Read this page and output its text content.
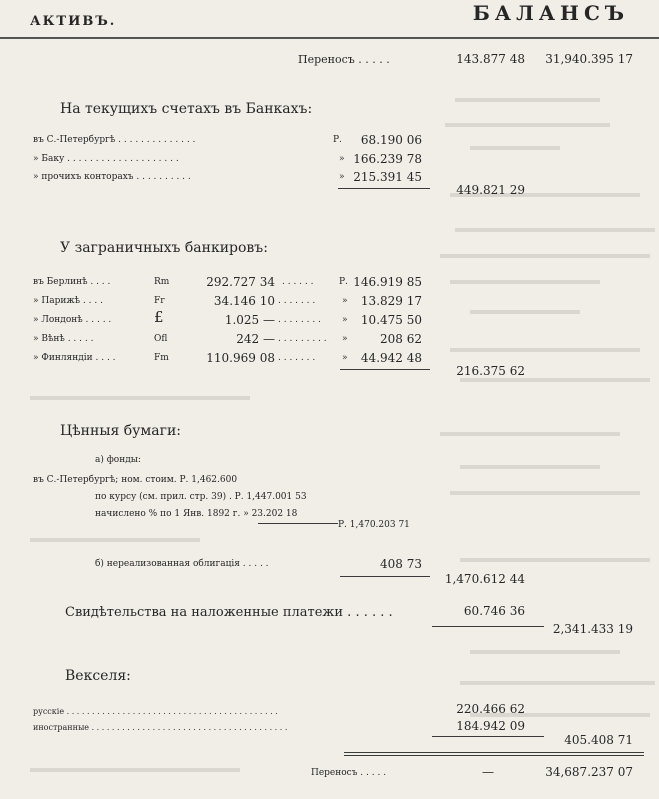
АКТИВЪ.	БАЛАНСЪ
Переносъ . . . . .	143.877 48 31,940.395 17
На текущихъ счетахъ въ Банкахъ:
въ С.-Петербургѣ . . . . . . . . . . . . . .	Р. 68.190 06
» Баку . . . . . . . . . . . . . . . . . . . .	» 166.239 78
» прочихъ конторахъ . . . . . . . . . .	» 215.391 45
449.821 29
У заграничныхъ банкировъ:
въ Берлинѣ . . . .	Rm	292.727 34 . . . . . .	Р. 146.919 85
» Парижѣ . . . .	Fr	34.146 10 . . . . . . .	» 13.829 17
» Лондонѣ . . . . .	£	1.025 — . . . . . . . . » 10.475 50
» Вѣнѣ . . . . .	Ofl	242 — . . . . . . . . . »	208 62
» Финляндіи . . . .	Fm	110.969 08 . . . . . . .	» 44.942 48
216.375 62
Цѣнныя бумаги:
а) фонды:
въ С.-Петербургѣ; ном. стоим. Р. 1,462.600
по курсу (см. прил. стр. 39) . Р. 1,447.001 53
начислено % по 1 Янв. 1892 г. » 23.202 18
Р. 1,470.203 71
б) нереализованная облигація . . . . .	408 73
1,470.612 44
Свидѣтельства на наложенные платежи . . . . . .	60.746 36
2,341.433 19
Векселя:
русскіе . . . . . . . . . . . . . . . . . . . . . . . . . . . . . . . . . . . . . . . . . .	220.466 62
иностранные . . . . . . . . . . . . . . . . . . . . . . . . . . . . . . . . . . . . . . .	184.942 09
405.408 71
Переносъ . . . . .	—	34,687.237 07
